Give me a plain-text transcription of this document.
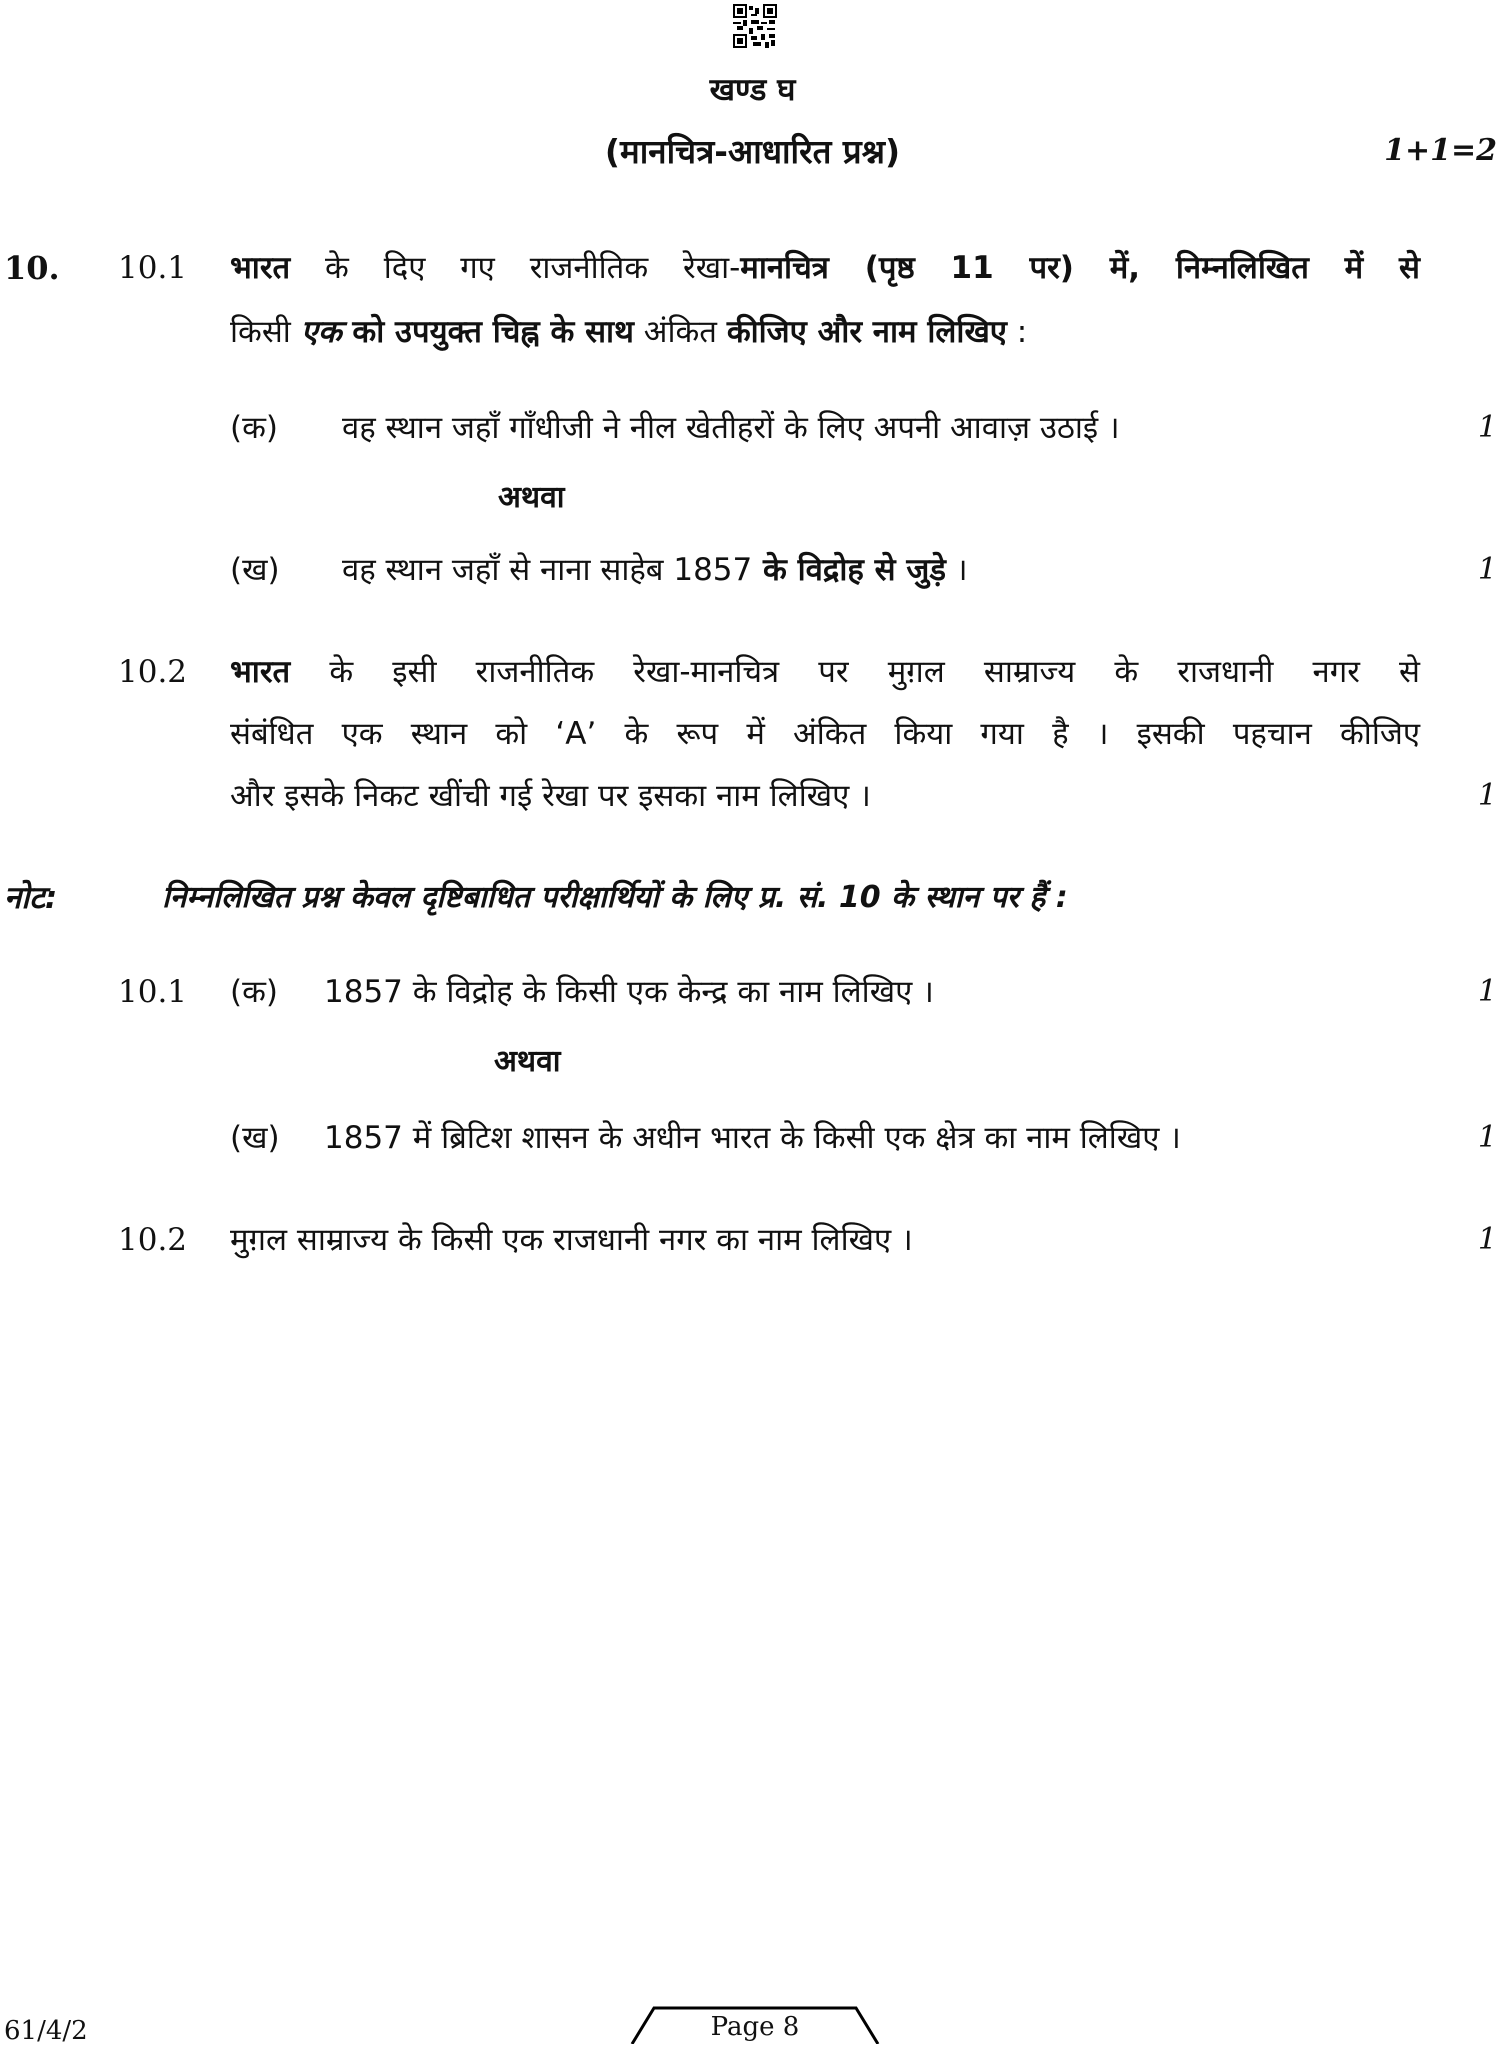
खण्ड घ
(मानचित्र-आधारित प्रश्न)	1+1=2
10. 10.1 भारत के दिए गए राजनीतिक रेखा-मानचित्र (पृष्ठ 11 पर) में, निम्नलिखित में से
किसी एक को उपयुक्त चिह्न के साथ अंकित कीजिए और नाम लिखिए :
(क) वह स्थान जहाँ गाँधीजी ने नील खेतीहरों के लिए अपनी आवाज़ उठाई ।	1
अथवा
(ख) वह स्थान जहाँ से नाना साहेब 1857 के विद्रोह से जुड़े ।	1
10.2 भारत के इसी राजनीतिक रेखा-मानचित्र पर मुग़ल साम्राज्य के राजधानी नगर से
संबंधित एक स्थान को ‘A’ के रूप में अंकित किया गया है । इसकी पहचान कीजिए
और इसके निकट खींची गई रेखा पर इसका नाम लिखिए ।	1
नोट:	निम्नलिखित प्रश्न केवल दृष्टिबाधित परीक्षार्थियों के लिए प्र. सं. 10 के स्थान पर हैं :
10.1 (क) 1857 के विद्रोह के किसी एक केन्द्र का नाम लिखिए ।	1
अथवा
(ख) 1857 में ब्रिटिश शासन के अधीन भारत के किसी एक क्षेत्र का नाम लिखिए ।	1
10.2 मुग़ल साम्राज्य के किसी एक राजधानी नगर का नाम लिखिए ।	1
61/4/2	Page 8
